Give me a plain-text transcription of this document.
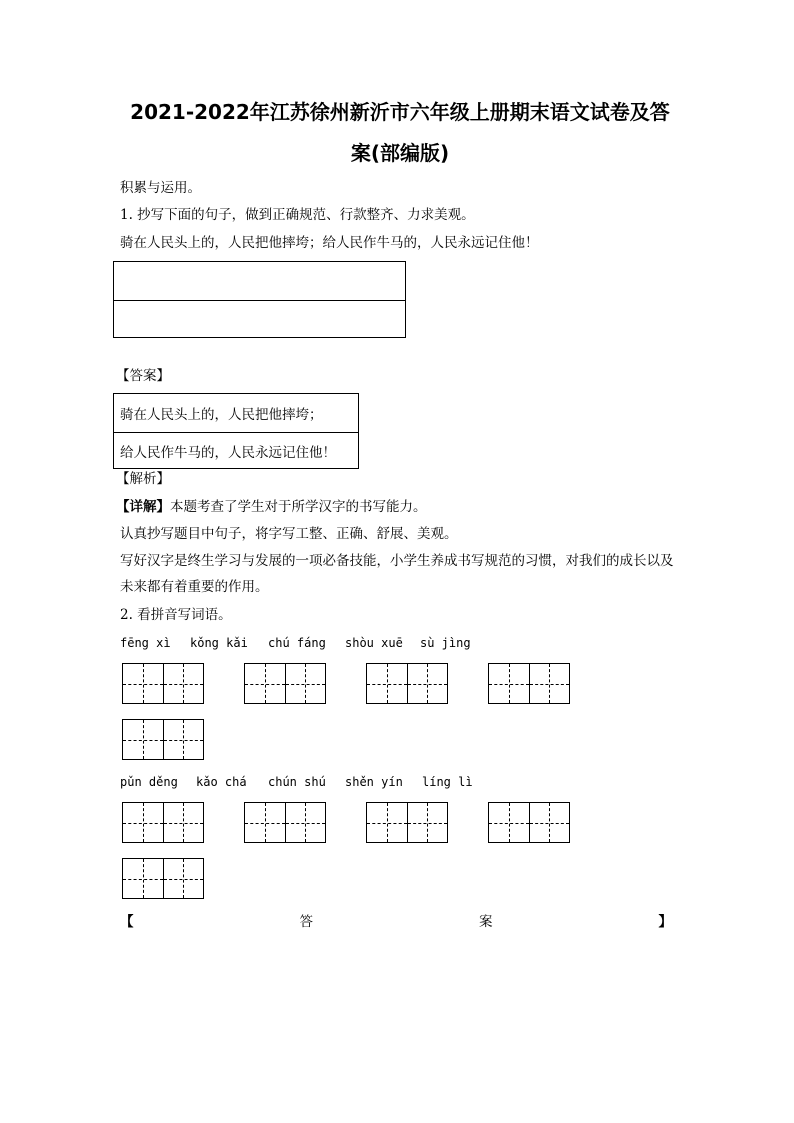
2021-2022年江苏徐州新沂市六年级上册期末语文试卷及答
案(部编版)
积累与运用。
1. 抄写下面的句子，做到正确规范、行款整齐、力求美观。
骑在人民头上的，人民把他摔垮；给人民作牛马的，人民永远记住他！
【答案】
骑在人民头上的，人民把他摔垮；
给人民作牛马的，人民永远记住他！
【解析】
【详解】本题考查了学生对于所学汉字的书写能力。
认真抄写题目中句子，将字写工整、正确、舒展、美观。
写好汉字是终生学习与发展的一项必备技能，小学生养成书写规范的习惯，对我们的成长以及未来都有着重要的作用。
2. 看拼音写词语。
fēng xì kǒng kǎi chú fáng shòu xuē sù jìng
pǔn děng kǎo chá chún shú shěn yín líng lì
【	答	案	】
